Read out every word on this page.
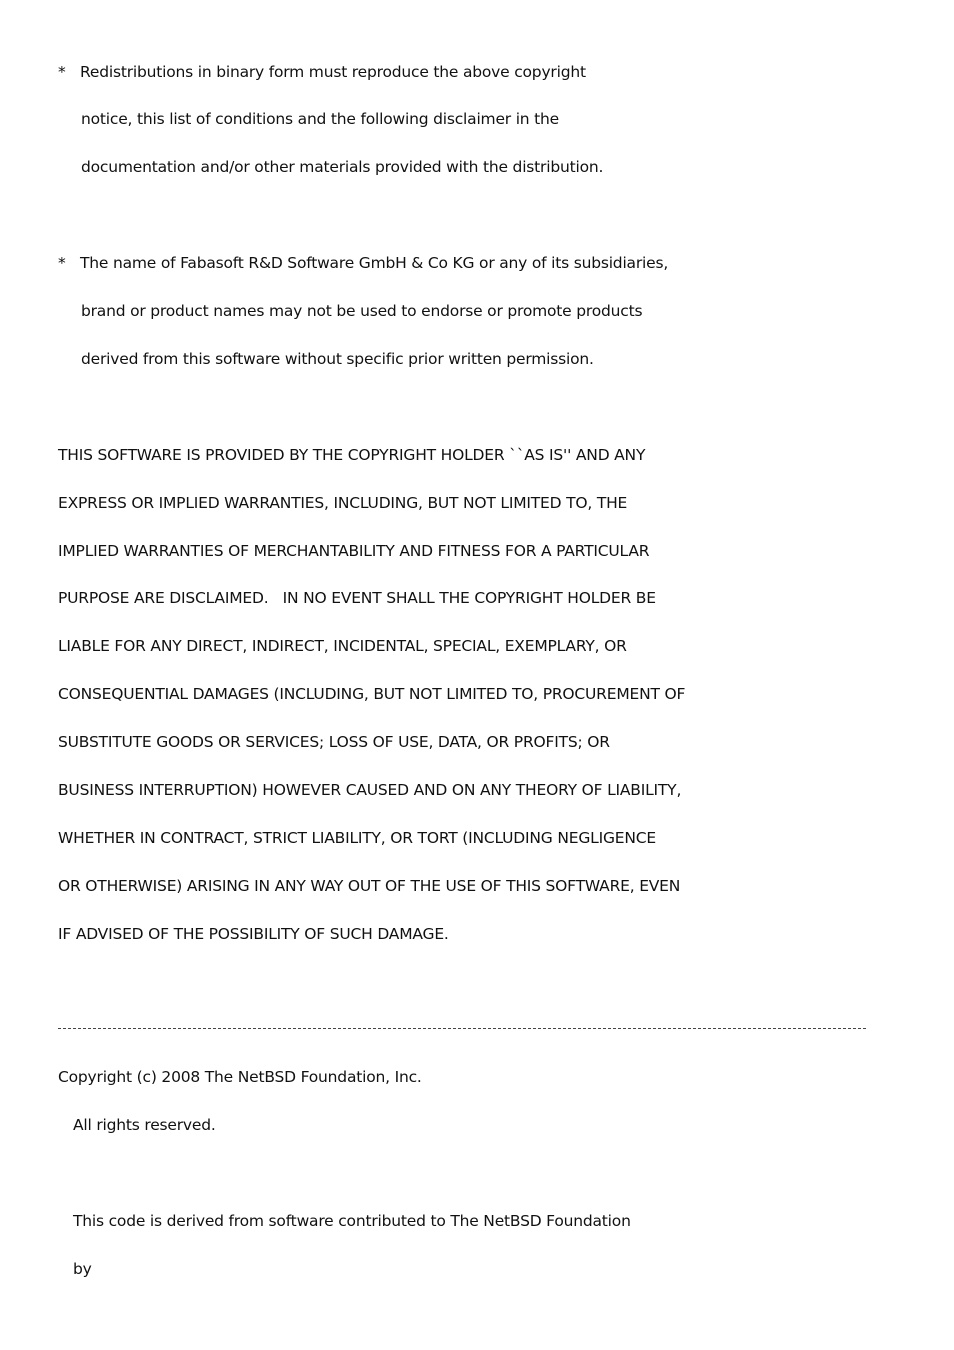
* Redistributions in binary form must reproduce the above copyright
notice, this list of conditions and the following disclaimer in the
documentation and/or other materials provided with the distribution.
* The name of Fabasoft R&D Software GmbH & Co KG or any of its subsidiaries,
brand or product names may not be used to endorse or promote products
derived from this software without specific prior written permission.
THIS SOFTWARE IS PROVIDED BY THE COPYRIGHT HOLDER ``AS IS'' AND ANY
EXPRESS OR IMPLIED WARRANTIES, INCLUDING, BUT NOT LIMITED TO, THE
IMPLIED WARRANTIES OF MERCHANTABILITY AND FITNESS FOR A PARTICULAR
PURPOSE ARE DISCLAIMED.   IN NO EVENT SHALL THE COPYRIGHT HOLDER BE
LIABLE FOR ANY DIRECT, INDIRECT, INCIDENTAL, SPECIAL, EXEMPLARY, OR
CONSEQUENTIAL DAMAGES (INCLUDING, BUT NOT LIMITED TO, PROCUREMENT OF
SUBSTITUTE GOODS OR SERVICES; LOSS OF USE, DATA, OR PROFITS; OR
BUSINESS INTERRUPTION) HOWEVER CAUSED AND ON ANY THEORY OF LIABILITY,
WHETHER IN CONTRACT, STRICT LIABILITY, OR TORT (INCLUDING NEGLIGENCE
OR OTHERWISE) ARISING IN ANY WAY OUT OF THE USE OF THIS SOFTWARE, EVEN
IF ADVISED OF THE POSSIBILITY OF SUCH DAMAGE.
Copyright (c) 2008 The NetBSD Foundation, Inc.
All rights reserved.
This code is derived from software contributed to The NetBSD Foundation
by
